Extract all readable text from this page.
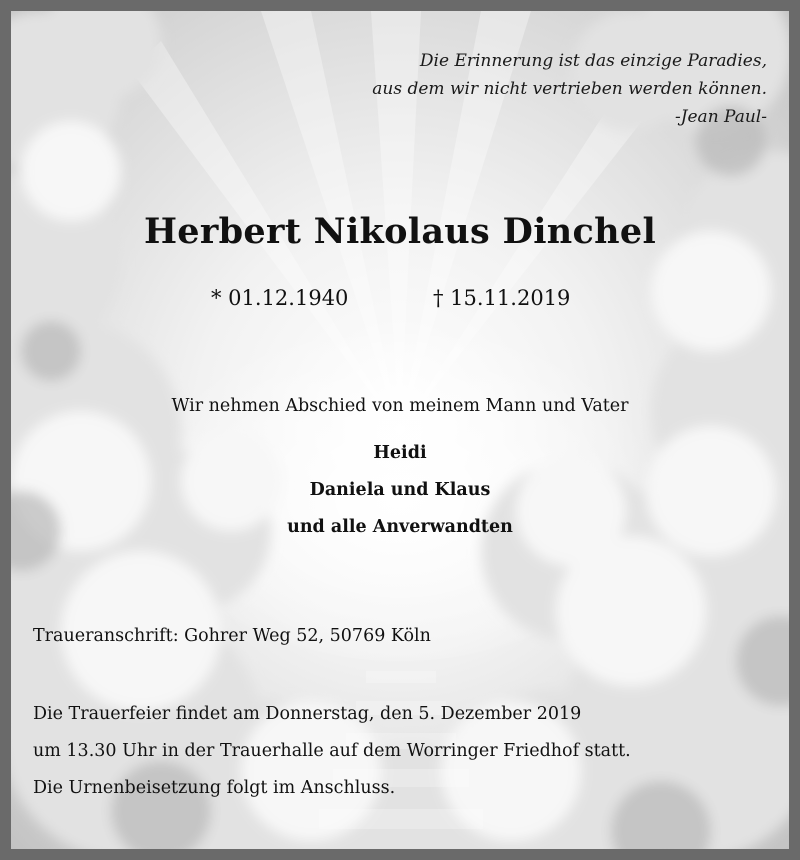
Die Erinnerung ist das einzige Paradies,
aus dem wir nicht vertrieben werden können.
-Jean Paul-
Herbert Nikolaus Dinchel
* 01.12.1940	† 15.11.2019
Wir nehmen Abschied von meinem Mann und Vater
Heidi
Daniela und Klaus
und alle Anverwandten
Traueranschrift: Gohrer Weg 52, 50769 Köln
Die Trauerfeier findet am Donnerstag, den 5. Dezember 2019
um 13.30 Uhr in der Trauerhalle auf dem Worringer Friedhof statt.
Die Urnenbeisetzung folgt im Anschluss.
